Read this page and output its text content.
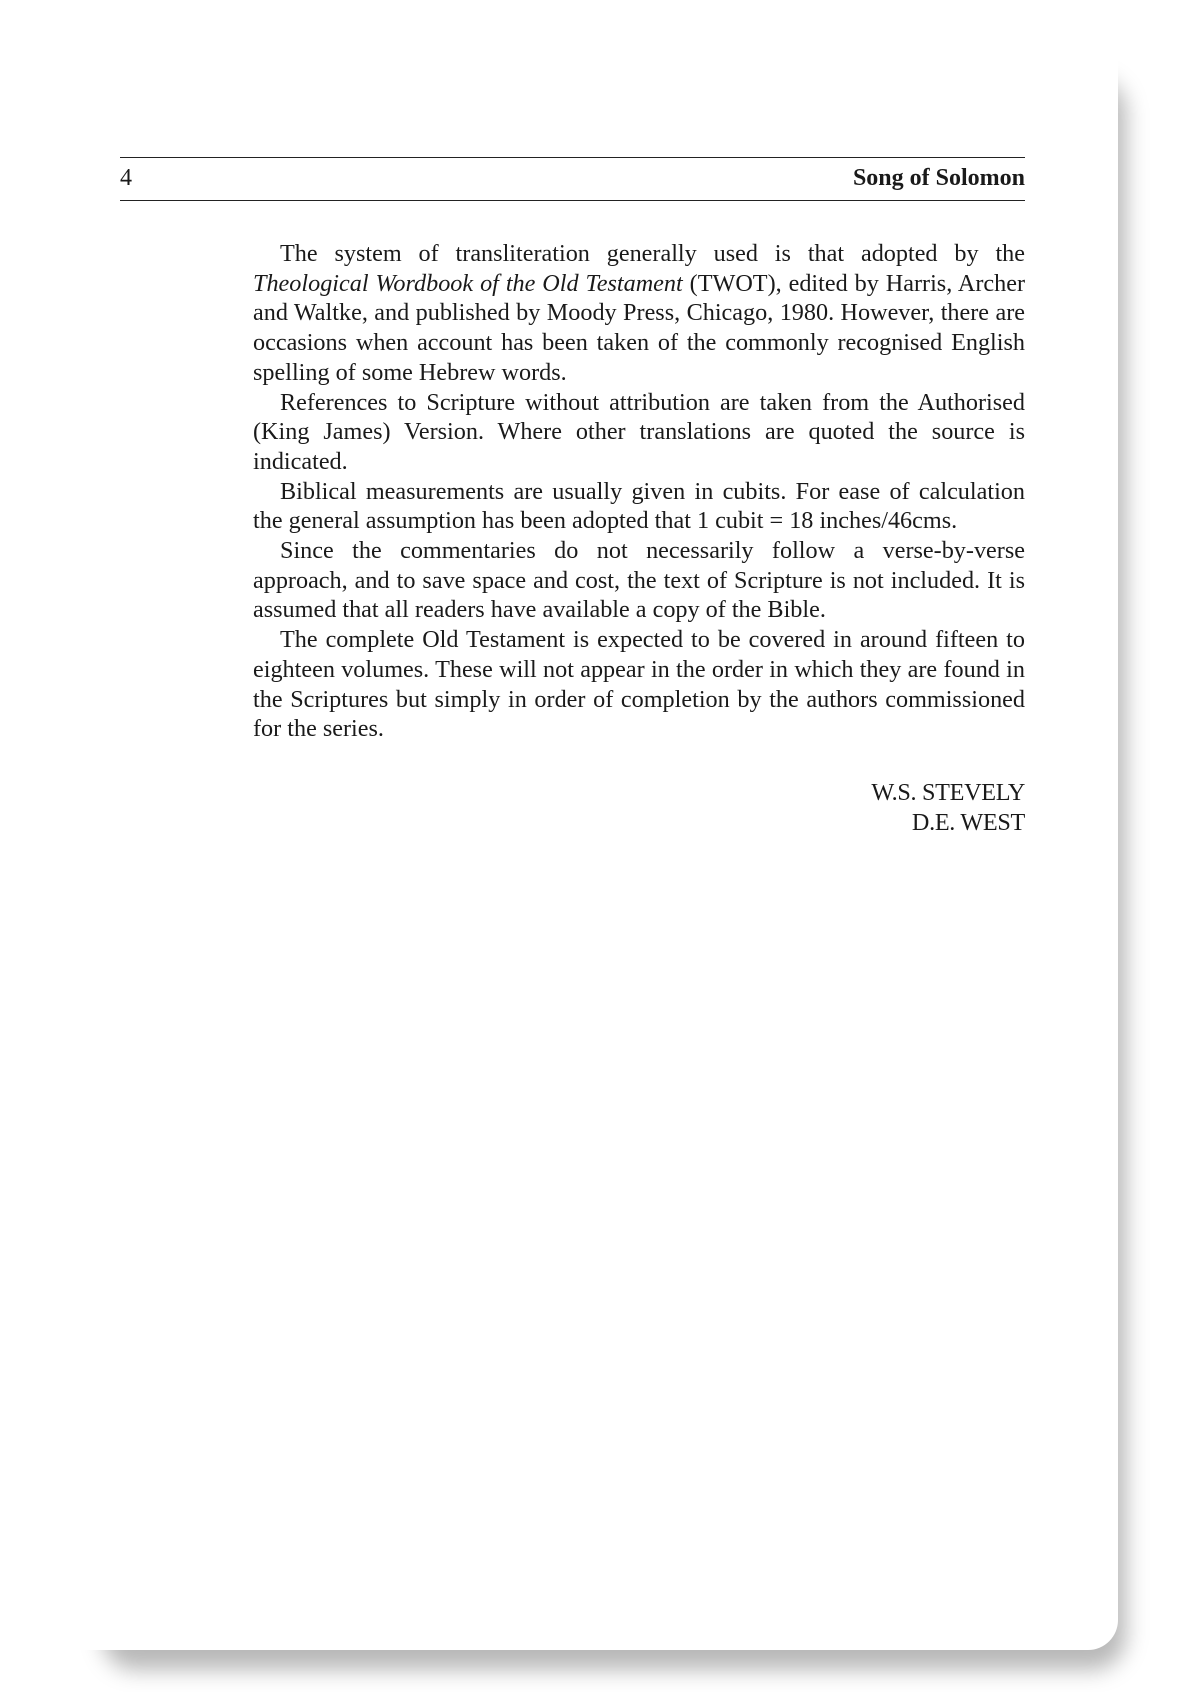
4	Song of Solomon

The system of transliteration generally used is that adopted by the Theological Wordbook of the Old Testament (TWOT), edited by Harris, Archer and Waltke, and published by Moody Press, Chicago, 1980. However, there are occasions when account has been taken of the commonly recognised English spelling of some Hebrew words.

References to Scripture without attribution are taken from the Authorised (King James) Version. Where other translations are quoted the source is indicated.

Biblical measurements are usually given in cubits. For ease of calculation the general assumption has been adopted that 1 cubit = 18 inches/46cms.

Since the commentaries do not necessarily follow a verse-by-verse approach, and to save space and cost, the text of Scripture is not included. It is assumed that all readers have available a copy of the Bible.

The complete Old Testament is expected to be covered in around fifteen to eighteen volumes. These will not appear in the order in which they are found in the Scriptures but simply in order of completion by the authors commissioned for the series.

W.S. STEVELY
D.E. WEST
